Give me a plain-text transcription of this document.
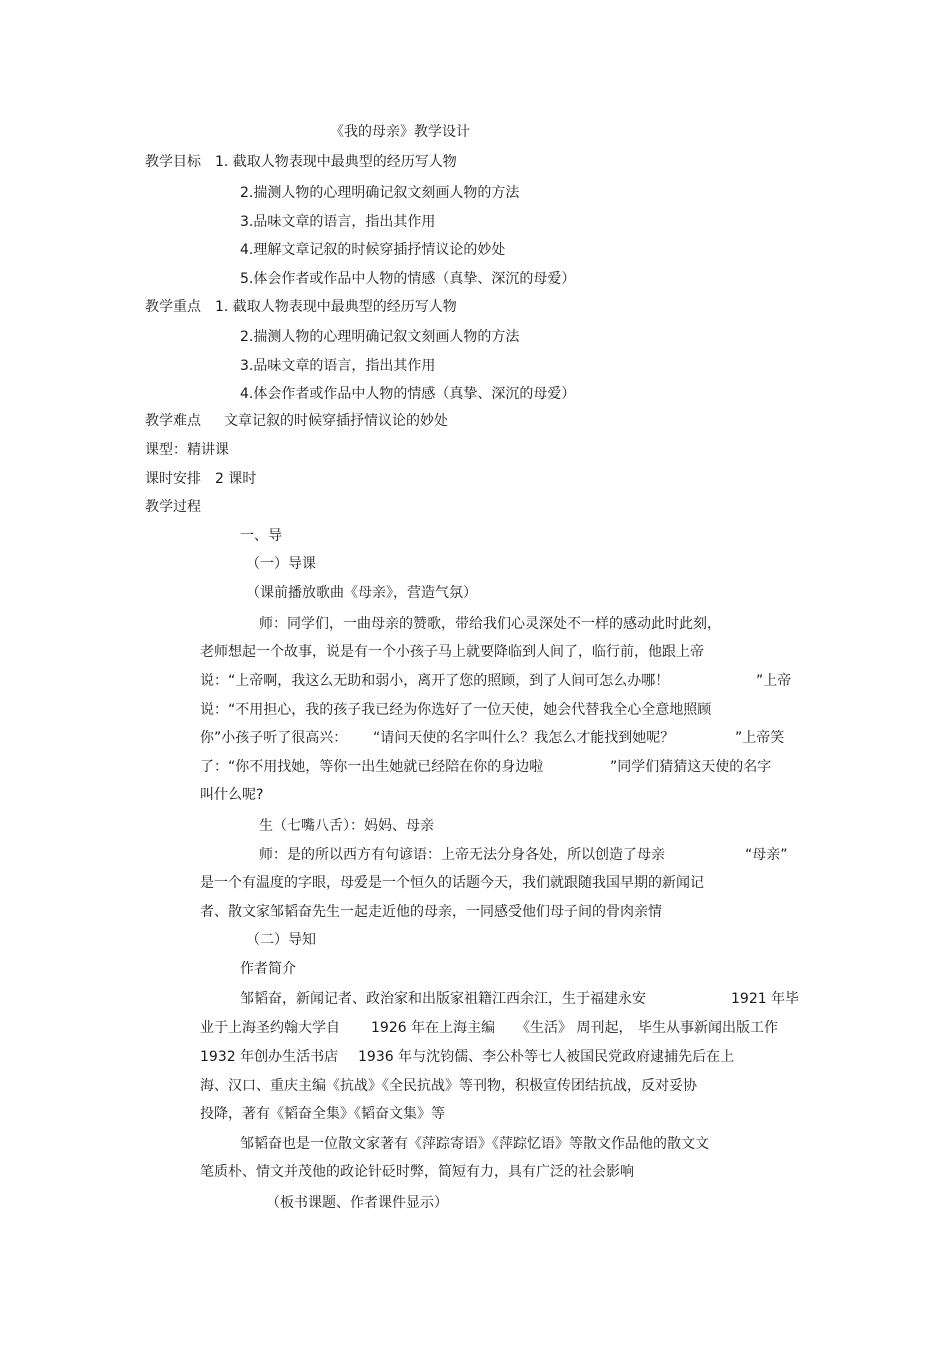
《我的母亲》教学设计
教学目标 1. 截取人物表现中最典型的经历写人物
2.揣测人物的心理明确记叙文刻画人物的方法
3.品味文章的语言，指出其作用
4.理解文章记叙的时候穿插抒情议论的妙处
5.体会作者或作品中人物的情感（真挚、深沉的母爱）
教学重点 1. 截取人物表现中最典型的经历写人物
2.揣测人物的心理明确记叙文刻画人物的方法
3.品味文章的语言，指出其作用
4.体会作者或作品中人物的情感（真挚、深沉的母爱）
教学难点 文章记叙的时候穿插抒情议论的妙处
课型：精讲课
课时安排 2 课时
教学过程
一、导
（一）导课
（课前播放歌曲《母亲》，营造气氛）
师：同学们，一曲母亲的赞歌，带给我们心灵深处不一样的感动此时此刻，
老师想起一个故事，说是有一个小孩子马上就要降临到人间了，临行前，他跟上帝
说：“上帝啊，我这么无助和弱小，离开了您的照顾，到了人间可怎么办哪！	”上帝
说：“不用担心，我的孩子我已经为你选好了一位天使，她会代替我全心全意地照顾
你”小孩子听了很高兴： “请问天使的名字叫什么？我怎么才能找到她呢？	”上帝笑
了：“你不用找她，等你一出生她就已经陪在你的身边啦	”同学们猜猜这天使的名字
叫什么呢?
生（七嘴八舌）：妈妈、母亲
师：是的所以西方有句谚语：上帝无法分身各处，所以创造了母亲	“母亲”
是一个有温度的字眼，母爱是一个恒久的话题今天，我们就跟随我国早期的新闻记
者、散文家邹韬奋先生一起走近他的母亲，一同感受他们母子间的骨肉亲情
（二）导知
作者简介
邹韬奋，新闻记者、政治家和出版家祖籍江西余江，生于福建永安	1921 年毕
业于上海圣约翰大学自 1926 年在上海主编 《生活》 周刊起， 毕生从事新闻出版工作
1932 年创办生活书店 1936 年与沈钧儒、李公朴等七人被国民党政府逮捕先后在上
海、汉口、重庆主编《抗战》《全民抗战》等刊物，积极宣传团结抗战，反对妥协
投降，著有《韬奋全集》《韬奋文集》等
邹韬奋也是一位散文家著有《萍踪寄语》《萍踪忆语》等散文作品他的散文文
笔质朴、情文并茂他的政论针砭时弊，简短有力，具有广泛的社会影响
（板书课题、作者课件显示）
